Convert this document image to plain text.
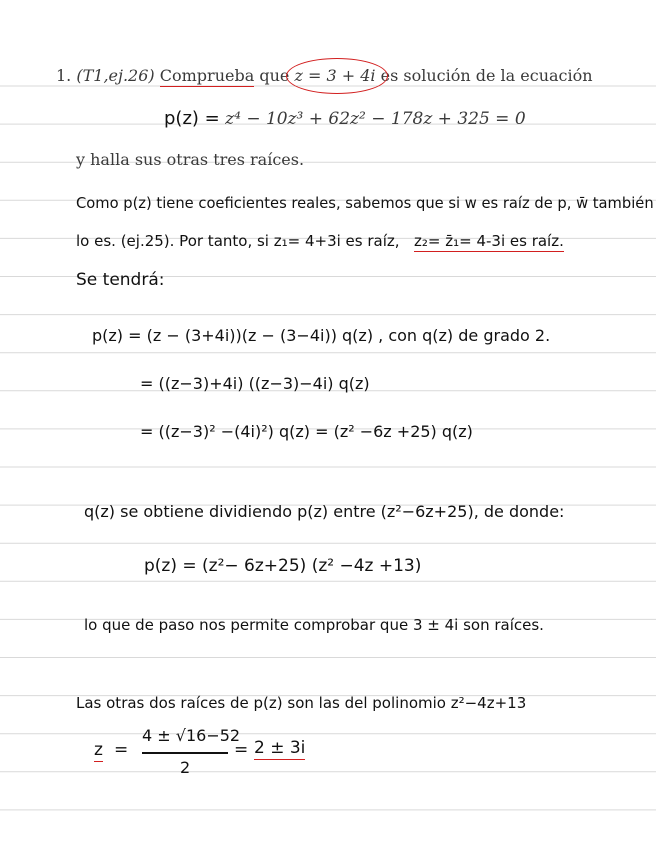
1. (T1,ej.26) Comprueba que z = 3 + 4i es solución de la ecuación
p(z) = z⁴ − 10z³ + 62z² − 178z + 325 = 0
y halla sus otras tres raíces.
Como p(z) tiene coeficientes reales, sabemos que si w es raíz de p, w̄ también
lo es. (ej.25). Por tanto, si z₁= 4+3i es raíz, z₂= z̄₁= 4-3i es raíz.
Se tendrá:
p(z) = (z − (3+4i))(z − (3−4i)) q(z) , con q(z) de grado 2.
= ((z−3)+4i) ((z−3)−4i) q(z)
= ((z−3)² −(4i)²) q(z) = (z² −6z +25) q(z)
q(z) se obtiene dividiendo p(z) entre (z²−6z+25), de donde:
p(z) = (z²− 6z+25) (z² −4z +13)
lo que de paso nos permite comprobar que 3 ± 4i son raíces.
Las otras dos raíces de p(z) son las del polinomio z²−4z+13
z =
4 ± √16−52
2
= 2 ± 3i
